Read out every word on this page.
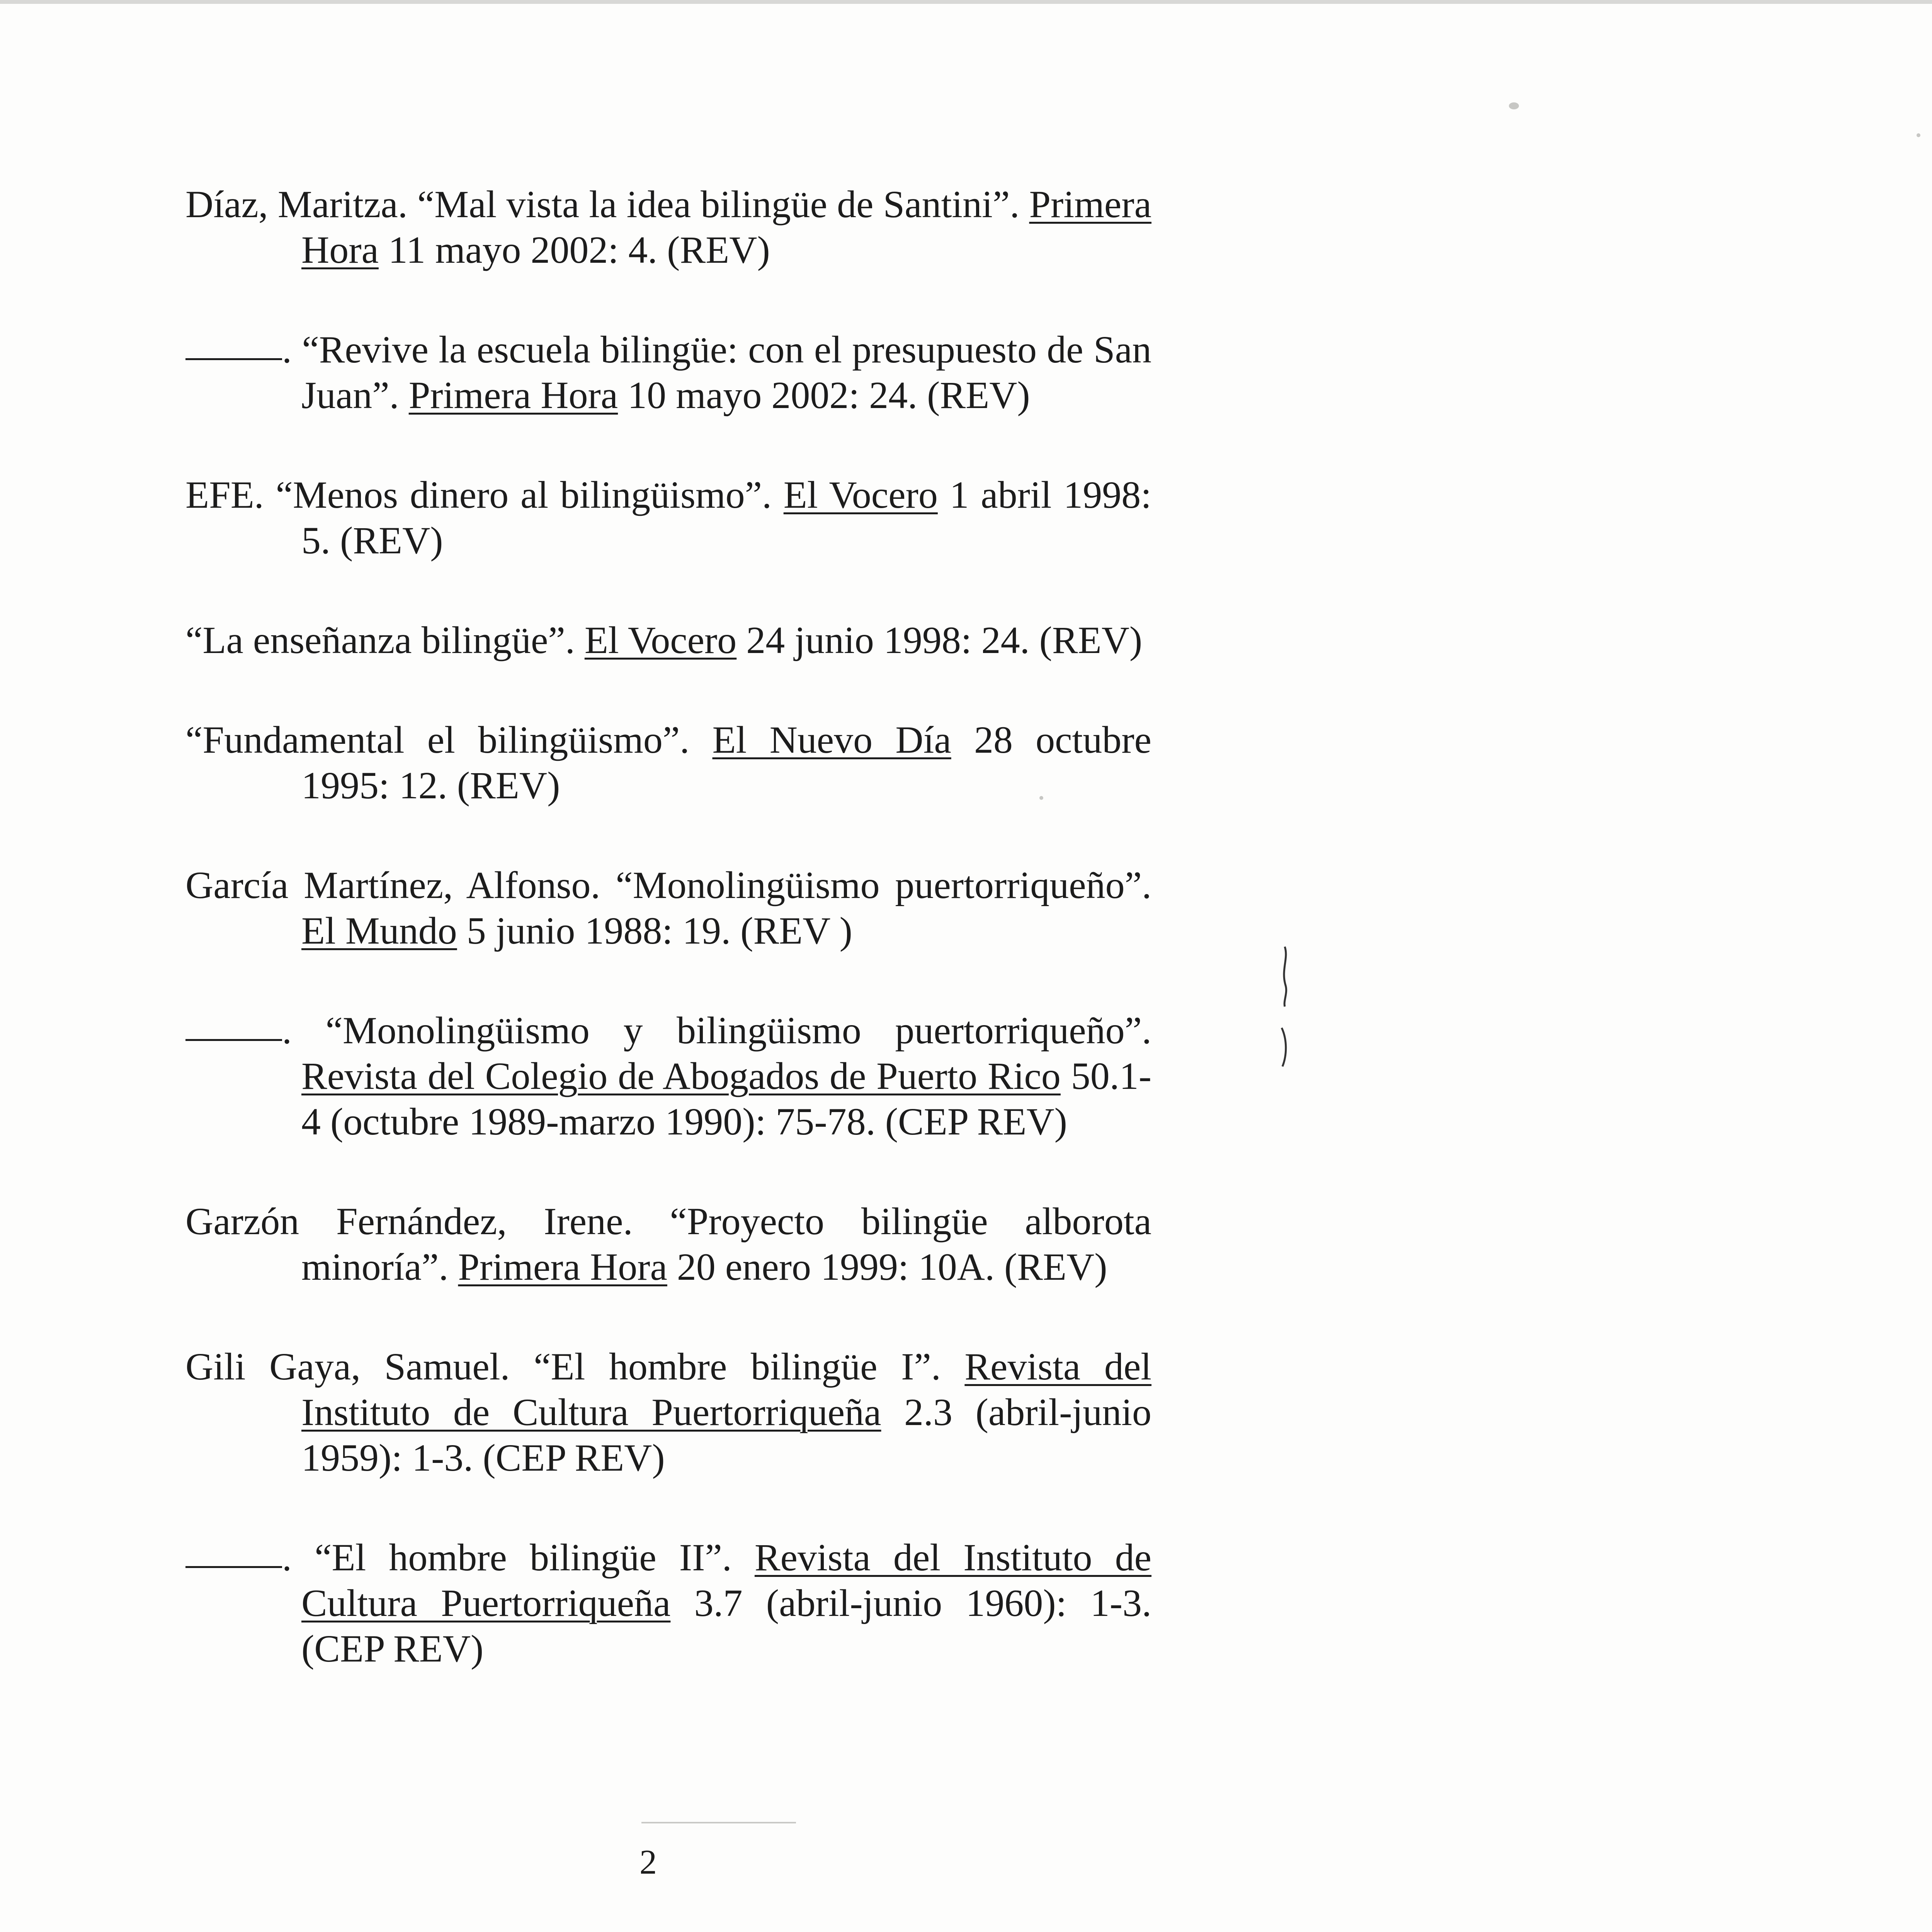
Díaz, Maritza. “Mal vista la idea bilingüe de Santini”. Primera Hora 11 mayo 2002: 4. (REV)

. “Revive la escuela bilingüe: con el presupuesto de San Juan”. Primera Hora 10 mayo 2002: 24. (REV)

EFE. “Menos dinero al bilingüismo”. El Vocero 1 abril 1998: 5. (REV)

“La enseñanza bilingüe”. El Vocero 24 junio 1998: 24. (REV)

“Fundamental el bilingüismo”. El Nuevo Día 28 octubre 1995: 12. (REV)

García Martínez, Alfonso. “Monolingüismo puertorriqueño”. El Mundo 5 junio 1988: 19. (REV )

. “Monolingüismo y bilingüismo puertorriqueño”. Revista del Colegio de Abogados de Puerto Rico 50.1-4 (octubre 1989-marzo 1990): 75-78. (CEP REV)

Garzón Fernández, Irene. “Proyecto bilingüe alborota minoría”. Primera Hora 20 enero 1999: 10A. (REV)

Gili Gaya, Samuel. “El hombre bilingüe I”. Revista del Instituto de Cultura Puertorriqueña 2.3 (abril-junio 1959): 1-3. (CEP REV)

. “El hombre bilingüe II”. Revista del Instituto de Cultura Puertorriqueña 3.7 (abril-junio 1960): 1-3. (CEP REV)

2
